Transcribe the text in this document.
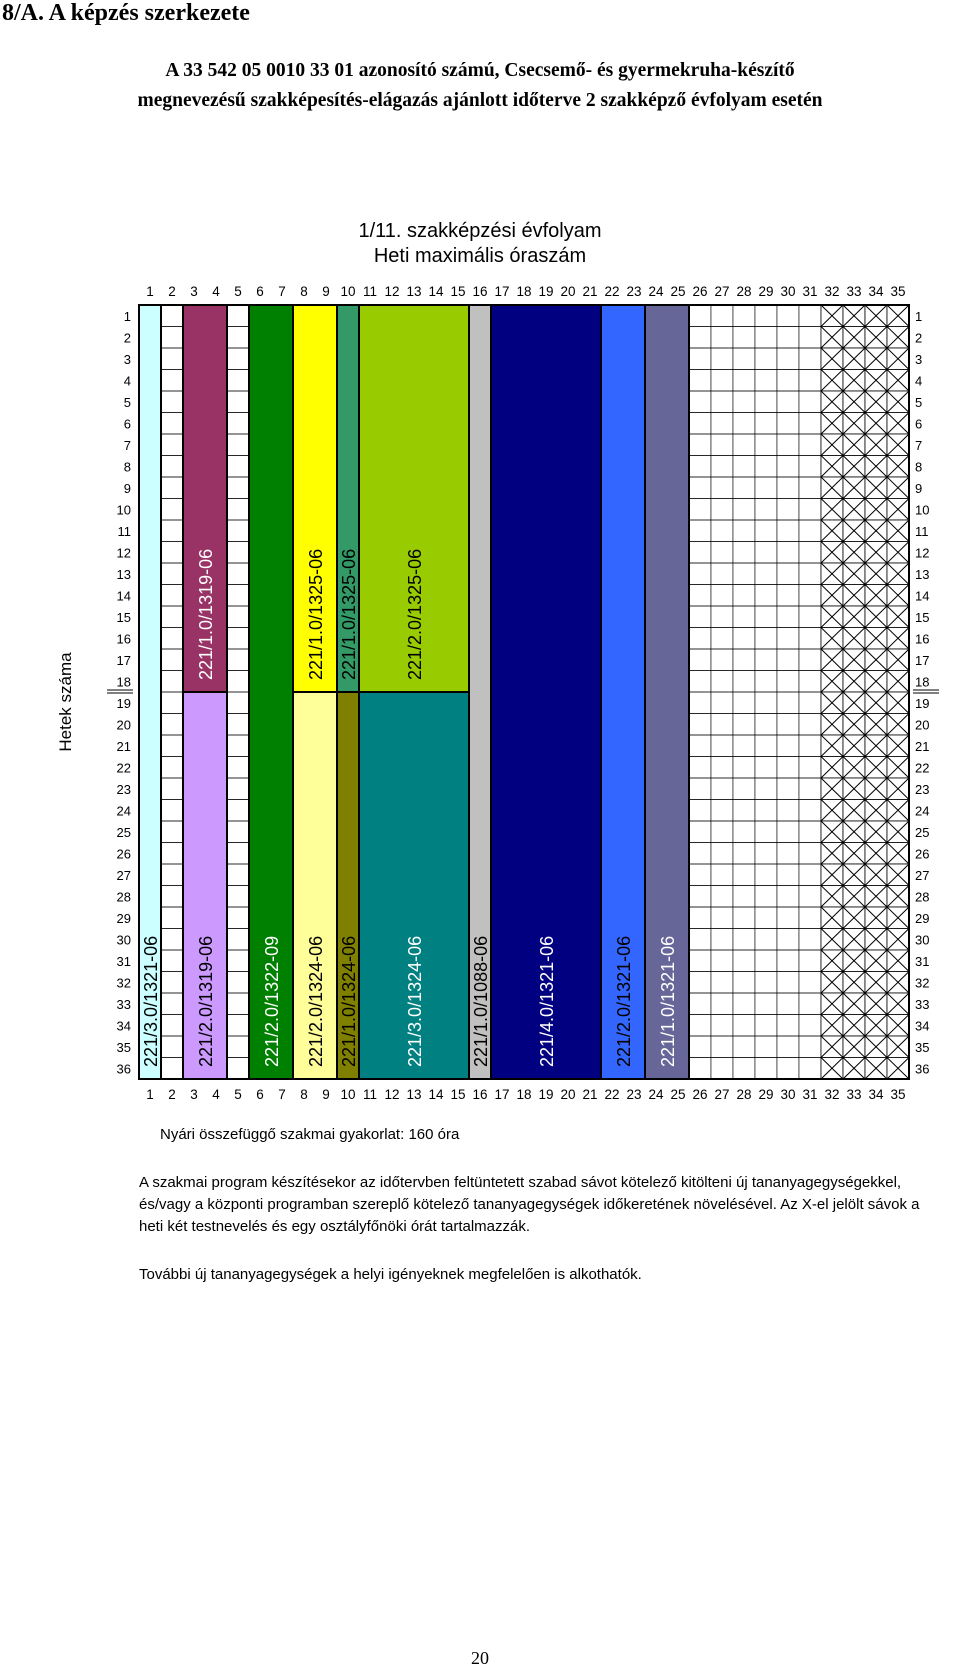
8/A. A képzés szerkezete
A 33 542 05 0010 33 01 azonosító számú, Csecsemő- és gyermekruha-készítő
megnevezésű szakképesítés-elágazás ajánlott időterve 2 szakképző évfolyam esetén
1/11. szakképzési évfolyam
Heti maximális óraszám
Hetek száma
221/3.0/1321-06
221/1.0/1319-06
221/2.0/1319-06	221/2.0/1322-09
221/1.0/1325-06
221/2.0/1324-06
221/1.0/1325-06
221/1.0/1324-06
221/2.0/1325-06
221/3.0/1324-06	221/1.0/1088-06	221/4.0/1321-06	221/2.0/1321-06 221/1.0/1321-06
1
1
2
2
3
3
4
4
5
5
6
6
7
7
8
8
9
9
10
10
11
11
12
12
13
13
14
14
15
15
16
16
17
17
18
18
19
19
20
20
21
21
22
22
23
23
24
24
25
25
26
26
27
27
28
28
29
29
30
30
31
31
32
32
33
33
34
34
35
35
1	1
2	2
3	3
4	4
5	5
6	6
7	7
8	8
9	9
10	10
11	11
12	12
13	13
14	14
15	15
16	16
17	17
18	18
19	19
20	20
21	21
22	22
23	23
24	24
25	25
26	26
27	27
28	28
29	29
30	30
31	31
32	32
33	33
34	34
35	35
36	36
Nyári összefüggő szakmai gyakorlat: 160 óra
A szakmai program készítésekor az időtervben feltüntetett szabad sávot kötelező kitölteni új tananyagegységekkel, és/vagy a központi programban szereplő kötelező tananyagegységek időkeretének növelésével. Az X-el jelölt sávok a heti két testnevelés és egy osztályfőnöki órát tartalmazzák.
További új tananyagegységek a helyi igényeknek megfelelően is alkothatók.
20
